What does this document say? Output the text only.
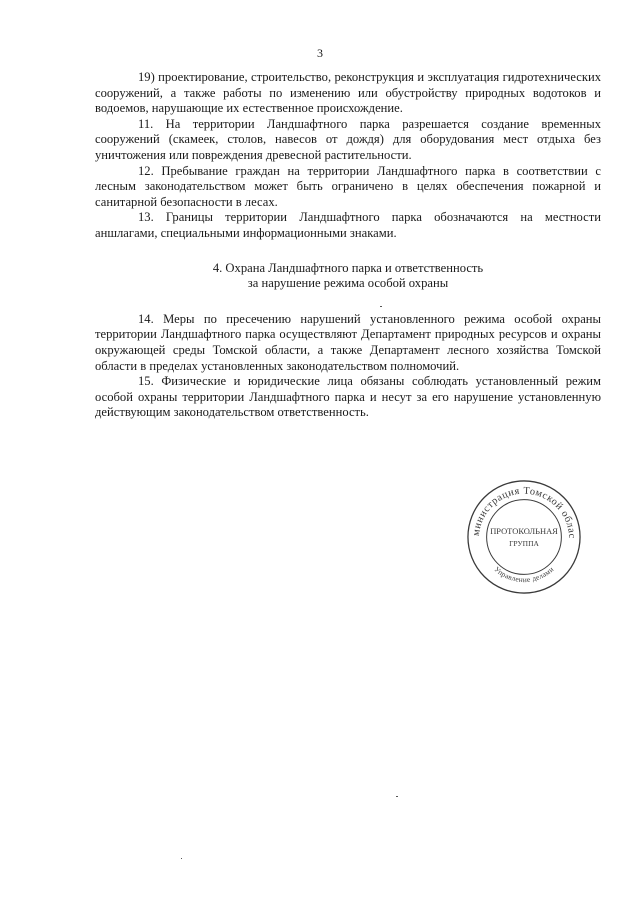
3

19) проектирование, строительство, реконструкция и эксплуатация гидротехнических сооружений, а также работы по изменению или обустройству природных водотоков и водоемов, нарушающие их естественное происхождение.

11. На территории Ландшафтного парка разрешается создание временных сооружений (скамеек, столов, навесов от дождя) для оборудования мест отдыха без уничтожения или повреждения древесной растительности.

12. Пребывание граждан на территории Ландшафтного парка в соответствии с лесным законодательством может быть ограничено в целях обеспечения пожарной и санитарной безопасности в лесах.

13. Границы территории Ландшафтного парка обозначаются на местности аншлагами, специальными информационными знаками.

4. Охрана Ландшафтного парка и ответственность
за нарушение режима особой охраны

14. Меры по пресечению нарушений установленного режима особой охраны территории Ландшафтного парка осуществляют Департамент природных ресурсов и охраны окружающей среды Томской области, а также Департамент лесного хозяйства Томской области в пределах установленных законодательством полномочий.

15. Физические и юридические лица обязаны соблюдать установленный режим особой охраны территории Ландшафтного парка и несут за его нарушение установленную действующим законодательством ответственность.

министрация Томской облас
Управление делами
ПРОТОКОЛЬНАЯ
ГРУППА
